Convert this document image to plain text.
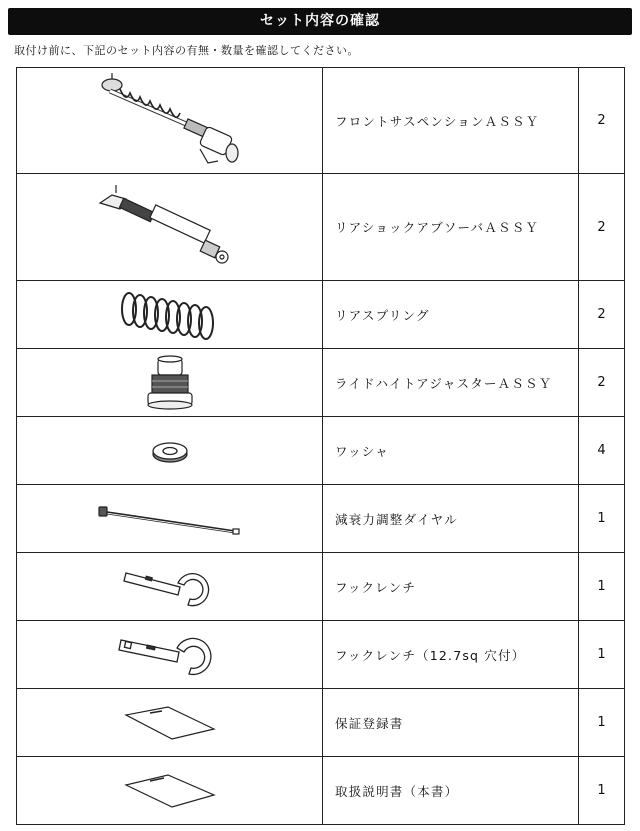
セット内容の確認
取付け前に、下記のセット内容の有無・数量を確認してください。
	フロントサスペンションＡＳＳＹ	2

	リアショックアブソーバＡＳＳＹ	2

	リアスプリング	2

	ライドハイトアジャスターＡＳＳＹ	2

	ワッシャ	4

	減衰力調整ダイヤル	1

	フックレンチ	1

	フックレンチ（12.7sq 穴付）	1

	保証登録書	1

	取扱説明書（本書）	1
